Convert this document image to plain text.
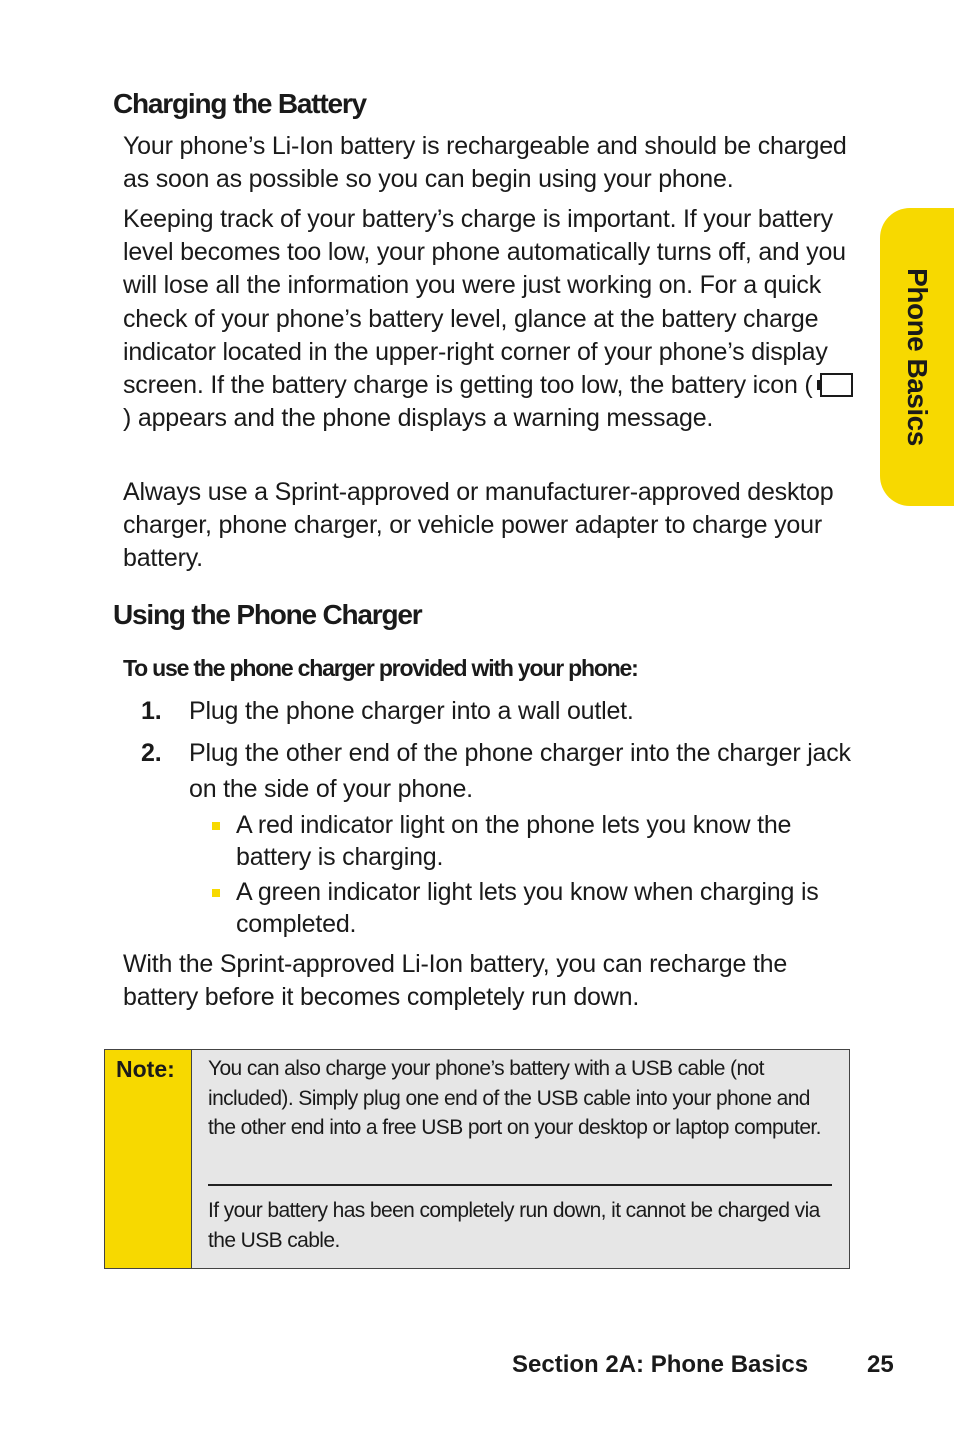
Phone Basics
Charging the Battery

Your phone’s Li-Ion battery is rechargeable and should be charged as soon as possible so you can begin using your phone.

Keeping track of your battery’s charge is important. If your battery level becomes too low, your phone automatically turns off, and you will lose all the information you were just working on. For a quick check of your phone’s battery level, glance at the battery charge indicator located in the upper-right corner of your phone’s display screen. If the battery charge is getting too low, the battery icon (
) appears and the phone displays a warning message.

Always use a Sprint-approved or manufacturer-approved desktop charger, phone charger, or vehicle power adapter to charge your battery.

Using the Phone Charger

To use the phone charger provided with your phone:

1. Plug the phone charger into a wall outlet.
2. Plug the other end of the phone charger into the charger jack on the side of your phone.
A red indicator light on the phone lets you know the battery is charging.
A green indicator light lets you know when charging is completed.

With the Sprint-approved Li-Ion battery, you can recharge the battery before it becomes completely run down.

Note: You can also charge your phone’s battery with a USB cable (not included). Simply plug one end of the USB cable into your phone and the other end into a free USB port on your desktop or laptop computer.
If your battery has been completely run down, it cannot be charged via the USB cable.
Section 2A: Phone Basics 25
